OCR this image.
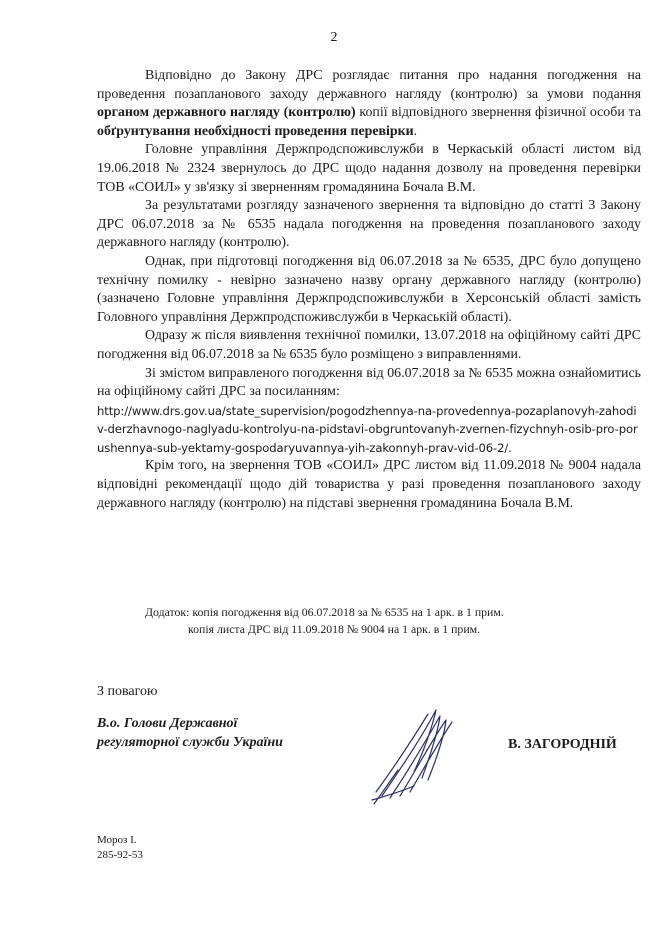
2

Відповідно до Закону ДРС розглядає питання про надання погодження на проведення позапланового заходу державного нагляду (контролю) за умови подання органом державного нагляду (контролю) копії відповідного звернення фізичної особи та обґрунтування необхідності проведення перевірки.

Головне управління Держпродспоживслужби в Черкаській області листом від 19.06.2018 № 2324 звернулось до ДРС щодо надання дозволу на проведення перевірки ТОВ «СОИЛ» у зв'язку зі зверненням громадянина Бочала В.М.

За результатами розгляду зазначеного звернення та відповідно до статті 3 Закону ДРС 06.07.2018 за № 6535 надала погодження на проведення позапланового заходу державного нагляду (контролю).

Однак, при підготовці погодження від 06.07.2018 за № 6535, ДРС було допущено технічну помилку - невірно зазначено назву органу державного нагляду (контролю) (зазначено Головне управління Держпродспоживслужби в Херсонській області замість Головного управління Держпродспоживслужби в Черкаській області).

Одразу ж після виявлення технічної помилки, 13.07.2018 на офіційному сайті ДРС погодження від 06.07.2018 за № 6535 було розміщено з виправленнями.

Зі змістом виправленого погодження від 06.07.2018 за № 6535 можна ознайомитись на офіційному сайті ДРС за посиланням:

http://www.drs.gov.ua/state_supervision/pogodzhennya-na-provedennya-pozaplanovyh-zahodiv-derzhavnogo-naglyadu-kontrolyu-na-pidstavi-obgruntovanyh-zvernen-fizychnyh-osib-pro-porushennya-sub-yektamy-gospodaryuvannya-yih-zakonnyh-prav-vid-06-2/.

Крім того, на звернення ТОВ «СОИЛ» ДРС листом від 11.09.2018 № 9004 надала відповідні рекомендації щодо дій товариства у разі проведення позапланового заходу державного нагляду (контролю) на підставі звернення громадянина Бочала В.М.

Додаток: копія погодження від 06.07.2018 за № 6535 на 1 арк. в 1 прим.
копія листа ДРС від 11.09.2018 № 9004 на 1 арк. в 1 прим.
З повагою
В.о. Голови Державної
регуляторної служби України	В. ЗАГОРОДНІЙ
Мороз І.
285-92-53
